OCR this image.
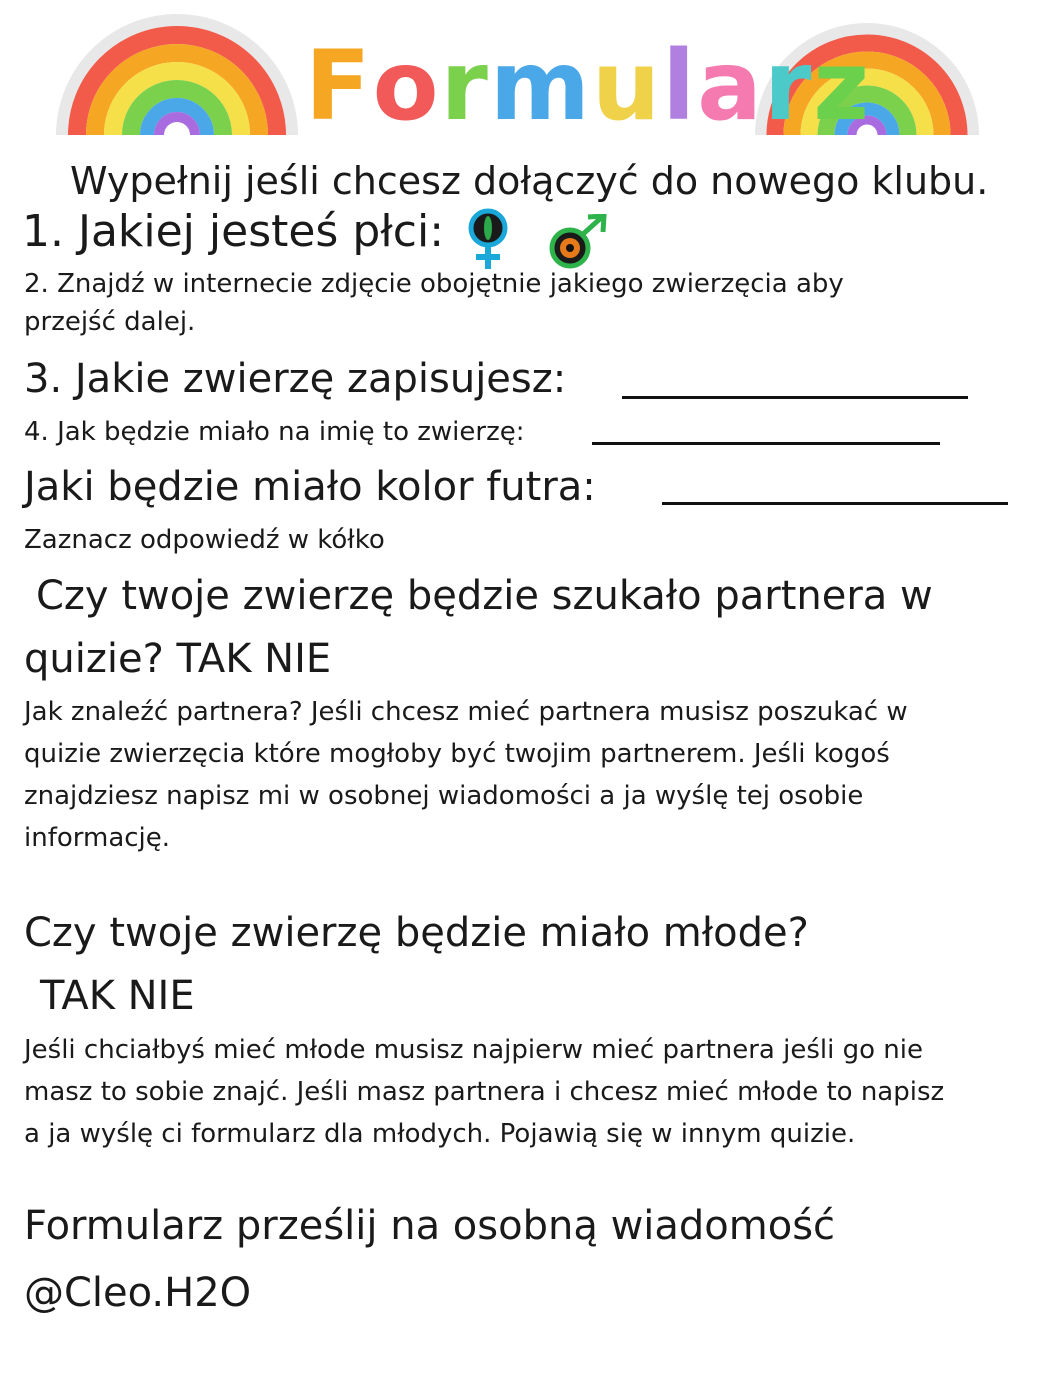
Formularz
Wypełnij jeśli chcesz dołączyć do nowego klubu.
1. Jakiej jesteś płci:
2. Znajdź w internecie zdjęcie obojętnie jakiego zwierzęcia aby
przejść dalej.
3. Jakie zwierzę zapisujesz:
4. Jak będzie miało na imię to zwierzę:
Jaki będzie miało kolor futra:
Zaznacz odpowiedź w kółko
Czy twoje zwierzę będzie szukało partnera w
quizie? TAK NIE
Jak znaleźć partnera? Jeśli chcesz mieć partnera musisz poszukać w
quizie zwierzęcia które mogłoby być twojim partnerem. Jeśli kogoś
znajdziesz napisz mi w osobnej wiadomości a ja wyślę tej osobie
informację.
Czy twoje zwierzę będzie miało młode?
TAK NIE
Jeśli chciałbyś mieć młode musisz najpierw mieć partnera jeśli go nie
masz to sobie znajć. Jeśli masz partnera i chcesz mieć młode to napisz
a ja wyślę ci formularz dla młodych. Pojawią się w innym quizie.
Formularz prześlij na osobną wiadomość
@Cleo.H2O
